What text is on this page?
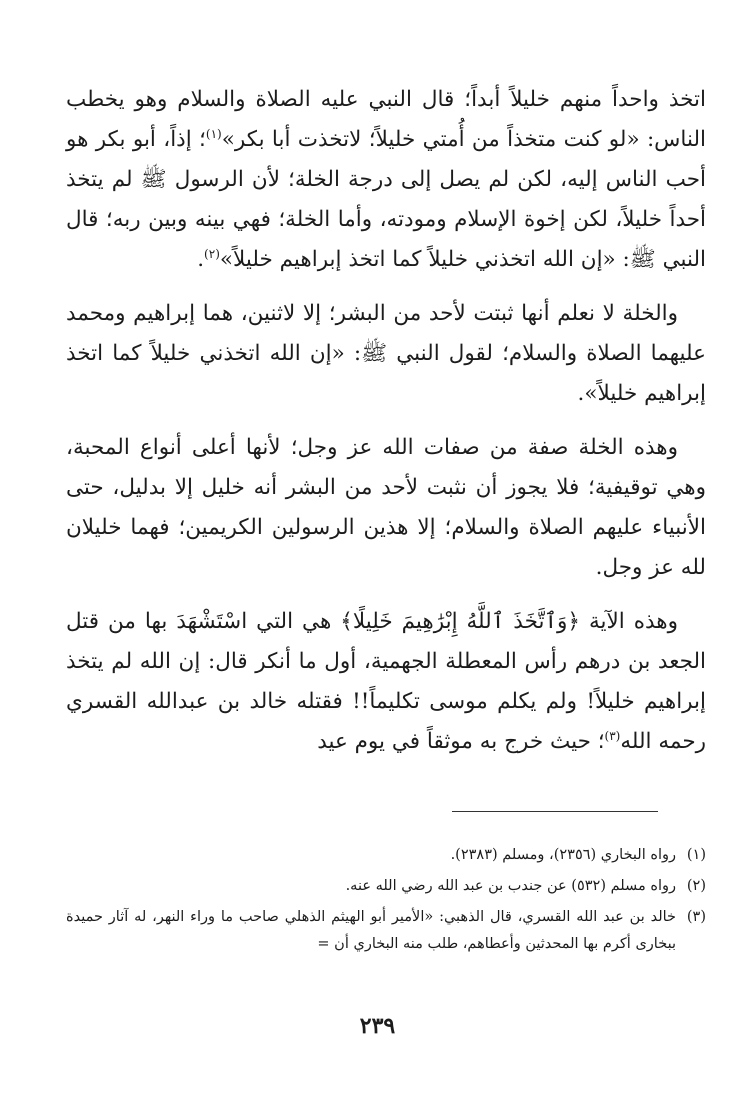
اتخذ واحداً منهم خليلاً أبداً؛ قال النبي عليه الصلاة والسلام وهو يخطب الناس: «لو كنت متخذاً من أُمتي خليلاً؛ لاتخذت أبا بكر»$^{(١)}$؛ إذاً، أبو بكر هو أحب الناس إليه، لكن لم يصل إلى درجة الخلة؛ لأن الرسول ﷺ لم يتخذ أحداً خليلاً، لكن إخوة الإسلام ومودته، وأما الخلة؛ فهي بينه وبين ربه؛ قال النبي ﷺ: «إن الله اتخذني خليلاً كما اتخذ إبراهيم خليلاً»$^{(٢)}$.

والخلة لا نعلم أنها ثبتت لأحد من البشر؛ إلا لاثنين، هما إبراهيم ومحمد عليهما الصلاة والسلام؛ لقول النبي ﷺ: «إن الله اتخذني خليلاً كما اتخذ إبراهيم خليلاً».

وهذه الخلة صفة من صفات الله عز وجل؛ لأنها أعلى أنواع المحبة، وهي توقيفية؛ فلا يجوز أن نثبت لأحد من البشر أنه خليل إلا بدليل، حتى الأنبياء عليهم الصلاة والسلام؛ إلا هذين الرسولين الكريمين؛ فهما خليلان لله عز وجل.

وهذه الآية ﴿وَٱتَّخَذَ ٱللَّهُ إِبْرَٰهِيمَ خَلِيلًا﴾ هي التي اسْتَشْهَدَ بها من قتل الجعد بن درهم رأس المعطلة الجهمية، أول ما أنكر قال: إن الله لم يتخذ إبراهيم خليلاً! ولم يكلم موسى تكليماً!! فقتله خالد بن عبدالله القسري رحمه الله$^{(٣)}$؛ حيث خرج به موثقاً في يوم عيد

(١)
رواه البخاري (٢٣٥٦)، ومسلم (٢٣٨٣).
(٢)
رواه مسلم (٥٣٢) عن جندب بن عبد الله رضي الله عنه.
(٣)
خالد بن عبد الله القسري، قال الذهبي: «الأمير أبو الهيثم الذهلي صاحب ما وراء النهر، له آثار حميدة ببخارى أكرم بها المحدثين وأعطاهم، طلب منه البخاري أن =
٢٣٩
